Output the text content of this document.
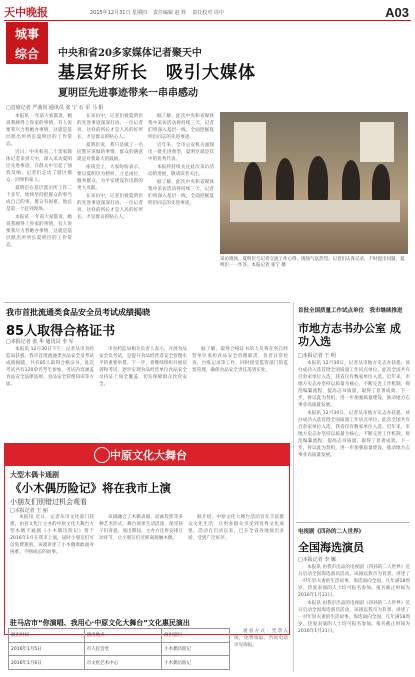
天中晚报	2015年12月31日 星期四 责任编辑 赵 辉 责任校对 周中	A03
城事
综合	中央和省20多家媒体记者聚天中
基层好所长　吸引大媒体
夏明臣先进事迹带来一串串感动
□首席记者 严曲钊 通讯员 张 宁 石 军 马 阳

本报讯 一年前大家都说，她说我顾得上你家的事情，有人说要我尽力替她办事情，这就是基层派出所所长夏明臣的工作常态。

近日，中央和省二十余家媒体记者来到天中，深入采访夏明臣先进事迹，在群众中引起了强烈反响。记者们走访了辖区群众、同事和家人。

夏明臣在基层派出所工作二十多年，始终坚持把群众的事当成自己的事，群众有困难，他总是第一个赶到现场。

本报讯 一年前大家都说，她说我顾得上你家的事情，有人说要我尽力替她办事情，这就是基层派出所所长夏明臣的工作常态。

在采访中，记者们被夏明臣的先进事迹深深打动。一位记者说，这样的所长才是人民的好所长，才是群众的贴心人。

夏明臣说，我只是做了一名民警应该做的事情，群众的满意就是对我最大的鼓励。

座谈会上，大家纷纷表示，要以夏明臣为榜样，立足岗位，服务群众，为平安建设作出新的更大贡献。

在采访中，记者们被夏明臣的先进事迹深深打动。一位记者说，这样的所长才是人民的好所长，才是群众的贴心人。

据了解，此次中央和省媒体集中采访活动将持续三天，记者们将深入基层一线，全面挖掘夏明臣同志的先进事迹。

近年来，全市公安机关涌现出一批先进典型，夏明臣就是其中的优秀代表。

本报将持续关注此次采访活动的进展，敬请读者关注。

据了解，此次中央和省媒体集中采访活动将持续三天，记者们将深入基层一线，全面挖掘夏明臣同志的先进事迹。

采访现场，夏明臣与记者交流工作心得，现场气氛热烈。记者们认真记录，不时提出问题，夏明臣一一作答。本报记者 张宁 摄
我市首批流通类食品安全员考试成绩揭晓
85人取得合格证书
□本报记者 张 华 通讯员 李 军

本报讯 12月30日下午，记者从市食药监局获悉，我市首批流通类食品安全员考试成绩揭晓，共有85人取得合格证书。此次考试共有120余名考生参加，考试内容涵盖食品安全法律法规、食品安全管理知识等方面。

市食药监局相关负责人表示，开展食品安全员考试，是提升食品经营者安全管理水平的重要举措。下一步，将继续组织开展培训和考试，逐步实现食品经营单位食品安全员持证上岗全覆盖，切实保障群众饮食安全。

据了解，取得合格证书的人员将在各自经营单位承担食品安全管理职责，负责日常检查、台账记录等工作，同时接受监管部门的监督管理，确保食品安全责任落到实处。

中原文化大舞台
大型木偶卡通剧
《小木偶历险记》将在我市上演
小朋友们别错过机会观看
□本报记者 王 丽

本报讯 近日，记者从市文化部门获悉，由省文化厅主办的中原文化大舞台大型木偶卡通剧《小木偶历险记》将于2016年1月在我市上演，届时小朋友们可以免费观看。该剧讲述了小木偶勇敢面对困难、不断成长的故事。

该剧融合了木偶表演、动画投影等多种艺术形式，舞台效果生动活泼，深受孩子们喜爱。演出期间，主办方还将安排互动环节，让小朋友们近距离接触木偶。

据介绍，中原文化大舞台活动旨在丰富群众文化生活，让更多群众享受到优秀文化成果。活动自启动以来，已在全省各地演出多场，受到广泛好评。

驻马店市“你演唱、我用心·中原文化大舞台”文化惠民演出
演出时间	演出地点	演出剧目
2016年1月5日	市人民会堂	小木偶历险记
2016年1月6日	市文化艺术中心	小木偶历险记

观看方式：凭票入场，免费领取。咨询电话详见海报。

首批全国质量工作试点单位　我市继续推进
市地方志书办公室 成功入选
□本报记者 王 明

本报讯 12月30日，记者从市地方史志办获悉，该办成功入选首批全国质量工作试点单位。此次全国共有百余家单位入选，我省仅有数家单位入选。近年来，市地方史志办坚持以质量为核心，不断完善工作机制，规范编纂流程，提高志书质量，取得了显著成效。下一步，将以此为契机，进一步加强质量建设，推动地方志事业高质量发展。

本报讯 12月30日，记者从市地方史志办获悉，该办成功入选首批全国质量工作试点单位。此次全国共有百余家单位入选，我省仅有数家单位入选。近年来，市地方史志办坚持以质量为核心，不断完善工作机制，规范编纂流程，提高志书质量，取得了显著成效。下一步，将以此为契机，进一步加强质量建设，推动地方志事业高质量发展。

电视剧《四孙的二人世界》
全国海选演员
□本报记者 李 娜

本报讯 由我市出品的电视剧《四孙的二人世界》近日启动全国海选演员活动。该剧以我市为背景，讲述了一对年轻夫妻的生活故事。海选面向全国，凡年满18周岁、热爱表演的人士均可报名参加。报名截止时间为2016年1月31日。

本报讯 由我市出品的电视剧《四孙的二人世界》近日启动全国海选演员活动。该剧以我市为背景，讲述了一对年轻夫妻的生活故事。海选面向全国，凡年满18周岁、热爱表演的人士均可报名参加。报名截止时间为2016年1月31日。
